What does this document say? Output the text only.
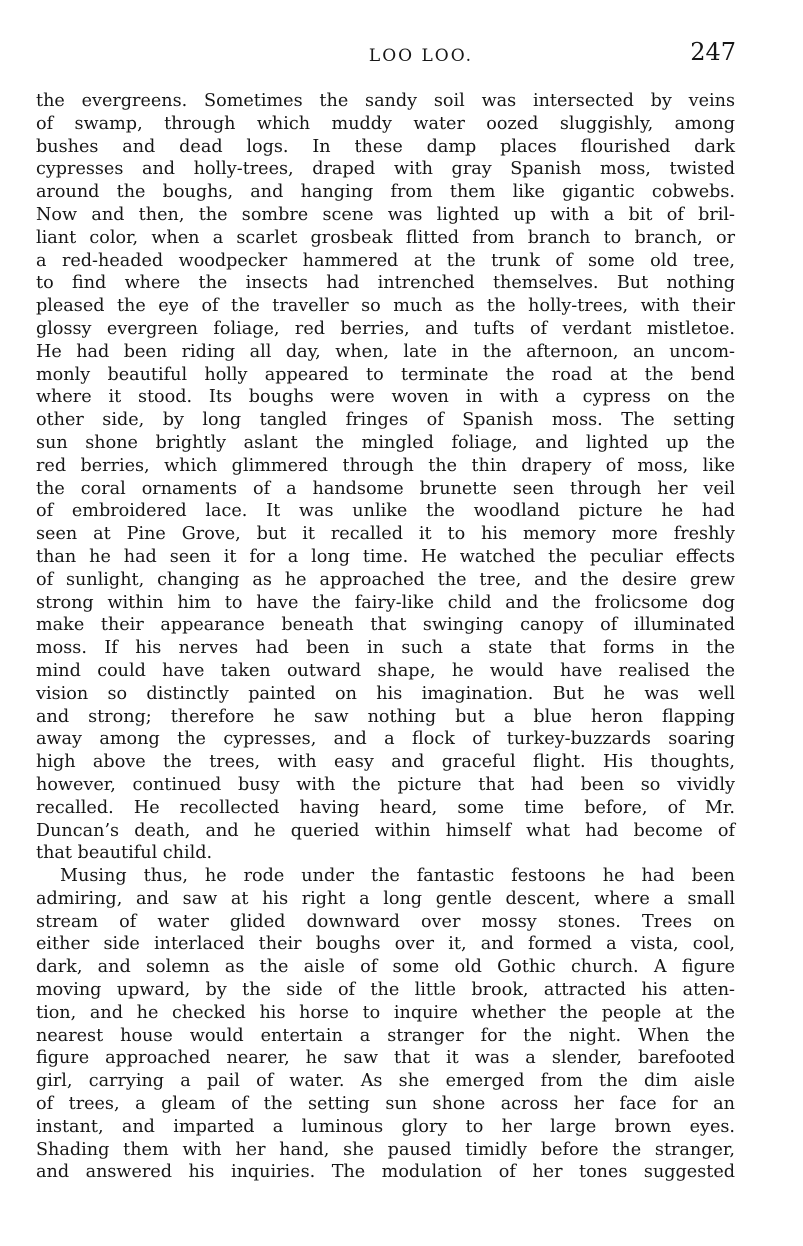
LOO LOO.	247
the evergreens. Sometimes the sandy soil was intersected by veins
of swamp, through which muddy water oozed sluggishly, among
bushes and dead logs. In these damp places flourished dark
cypresses and holly-trees, draped with gray Spanish moss, twisted
around the boughs, and hanging from them like gigantic cobwebs.
Now and then, the sombre scene was lighted up with a bit of bril-
liant color, when a scarlet grosbeak flitted from branch to branch, or
a red-headed woodpecker hammered at the trunk of some old tree,
to find where the insects had intrenched themselves. But nothing
pleased the eye of the traveller so much as the holly-trees, with their
glossy evergreen foliage, red berries, and tufts of verdant mistletoe.
He had been riding all day, when, late in the afternoon, an uncom-
monly beautiful holly appeared to terminate the road at the bend
where it stood. Its boughs were woven in with a cypress on the
other side, by long tangled fringes of Spanish moss. The setting
sun shone brightly aslant the mingled foliage, and lighted up the
red berries, which glimmered through the thin drapery of moss, like
the coral ornaments of a handsome brunette seen through her veil
of embroidered lace. It was unlike the woodland picture he had
seen at Pine Grove, but it recalled it to his memory more freshly
than he had seen it for a long time. He watched the peculiar effects
of sunlight, changing as he approached the tree, and the desire grew
strong within him to have the fairy-like child and the frolicsome dog
make their appearance beneath that swinging canopy of illuminated
moss. If his nerves had been in such a state that forms in the
mind could have taken outward shape, he would have realised the
vision so distinctly painted on his imagination. But he was well
and strong; therefore he saw nothing but a blue heron flapping
away among the cypresses, and a flock of turkey-buzzards soaring
high above the trees, with easy and graceful flight. His thoughts,
however, continued busy with the picture that had been so vividly
recalled. He recollected having heard, some time before, of Mr.
Duncan’s death, and he queried within himself what had become of
that beautiful child.
Musing thus, he rode under the fantastic festoons he had been
admiring, and saw at his right a long gentle descent, where a small
stream of water glided downward over mossy stones. Trees on
either side interlaced their boughs over it, and formed a vista, cool,
dark, and solemn as the aisle of some old Gothic church. A figure
moving upward, by the side of the little brook, attracted his atten-
tion, and he checked his horse to inquire whether the people at the
nearest house would entertain a stranger for the night. When the
figure approached nearer, he saw that it was a slender, barefooted
girl, carrying a pail of water. As she emerged from the dim aisle
of trees, a gleam of the setting sun shone across her face for an
instant, and imparted a luminous glory to her large brown eyes.
Shading them with her hand, she paused timidly before the stranger,
and answered his inquiries. The modulation of her tones suggested
